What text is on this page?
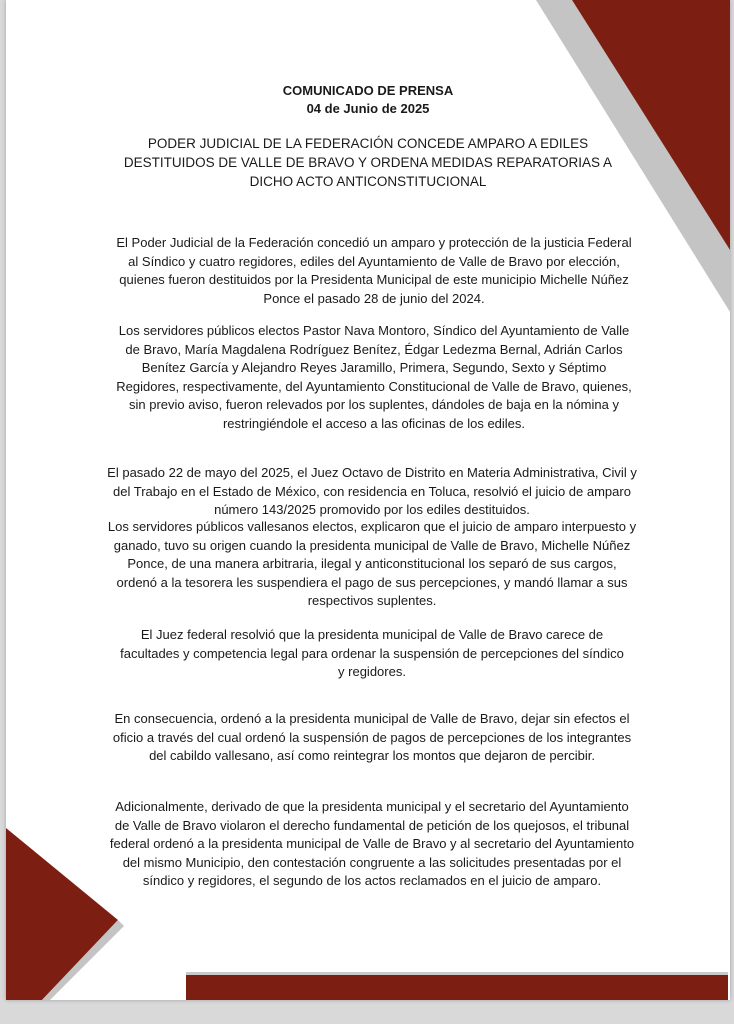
COMUNICADO DE PRENSA
04 de Junio de 2025
PODER JUDICIAL DE LA FEDERACIÓN CONCEDE AMPARO A EDILES DESTITUIDOS DE VALLE DE BRAVO Y ORDENA MEDIDAS REPARATORIAS A DICHO ACTO ANTICONSTITUCIONAL

El Poder Judicial de la Federación concedió un amparo y protección de la justicia Federal al Síndico y cuatro regidores, ediles del Ayuntamiento de Valle de Bravo por elección, quienes fueron destituidos por la Presidenta Municipal de este municipio Michelle Núñez Ponce el pasado 28 de junio del 2024.

Los servidores públicos electos Pastor Nava Montoro, Síndico del Ayuntamiento de Valle de Bravo, María Magdalena Rodríguez Benítez, Édgar Ledezma Bernal, Adrián Carlos Benítez García y Alejandro Reyes Jaramillo, Primera, Segundo, Sexto y Séptimo Regidores, respectivamente, del Ayuntamiento Constitucional de Valle de Bravo, quienes, sin previo aviso, fueron relevados por los suplentes, dándoles de baja en la nómina y restringiéndole el acceso a las oficinas de los ediles.

El pasado 22 de mayo del 2025, el Juez Octavo de Distrito en Materia Administrativa, Civil y del Trabajo en el Estado de México, con residencia en Toluca, resolvió el juicio de amparo número 143/2025 promovido por los ediles destituidos.

Los servidores públicos vallesanos electos, explicaron que el juicio de amparo interpuesto y ganado, tuvo su origen cuando la presidenta municipal de Valle de Bravo, Michelle Núñez Ponce, de una manera arbitraria, ilegal y anticonstitucional los separó de sus cargos, ordenó a la tesorera les suspendiera el pago de sus percepciones, y mandó llamar a sus respectivos suplentes.

El Juez federal resolvió que la presidenta municipal de Valle de Bravo carece de facultades y competencia legal para ordenar la suspensión de percepciones del síndico y regidores.

En consecuencia, ordenó a la presidenta municipal de Valle de Bravo, dejar sin efectos el oficio a través del cual ordenó la suspensión de pagos de percepciones de los integrantes del cabildo vallesano, así como reintegrar los montos que dejaron de percibir.

Adicionalmente, derivado de que la presidenta municipal y el secretario del Ayuntamiento de Valle de Bravo violaron el derecho fundamental de petición de los quejosos, el tribunal federal ordenó a la presidenta municipal de Valle de Bravo y al secretario del Ayuntamiento del mismo Municipio, den contestación congruente a las solicitudes presentadas por el síndico y regidores, el segundo de los actos reclamados en el juicio de amparo.
